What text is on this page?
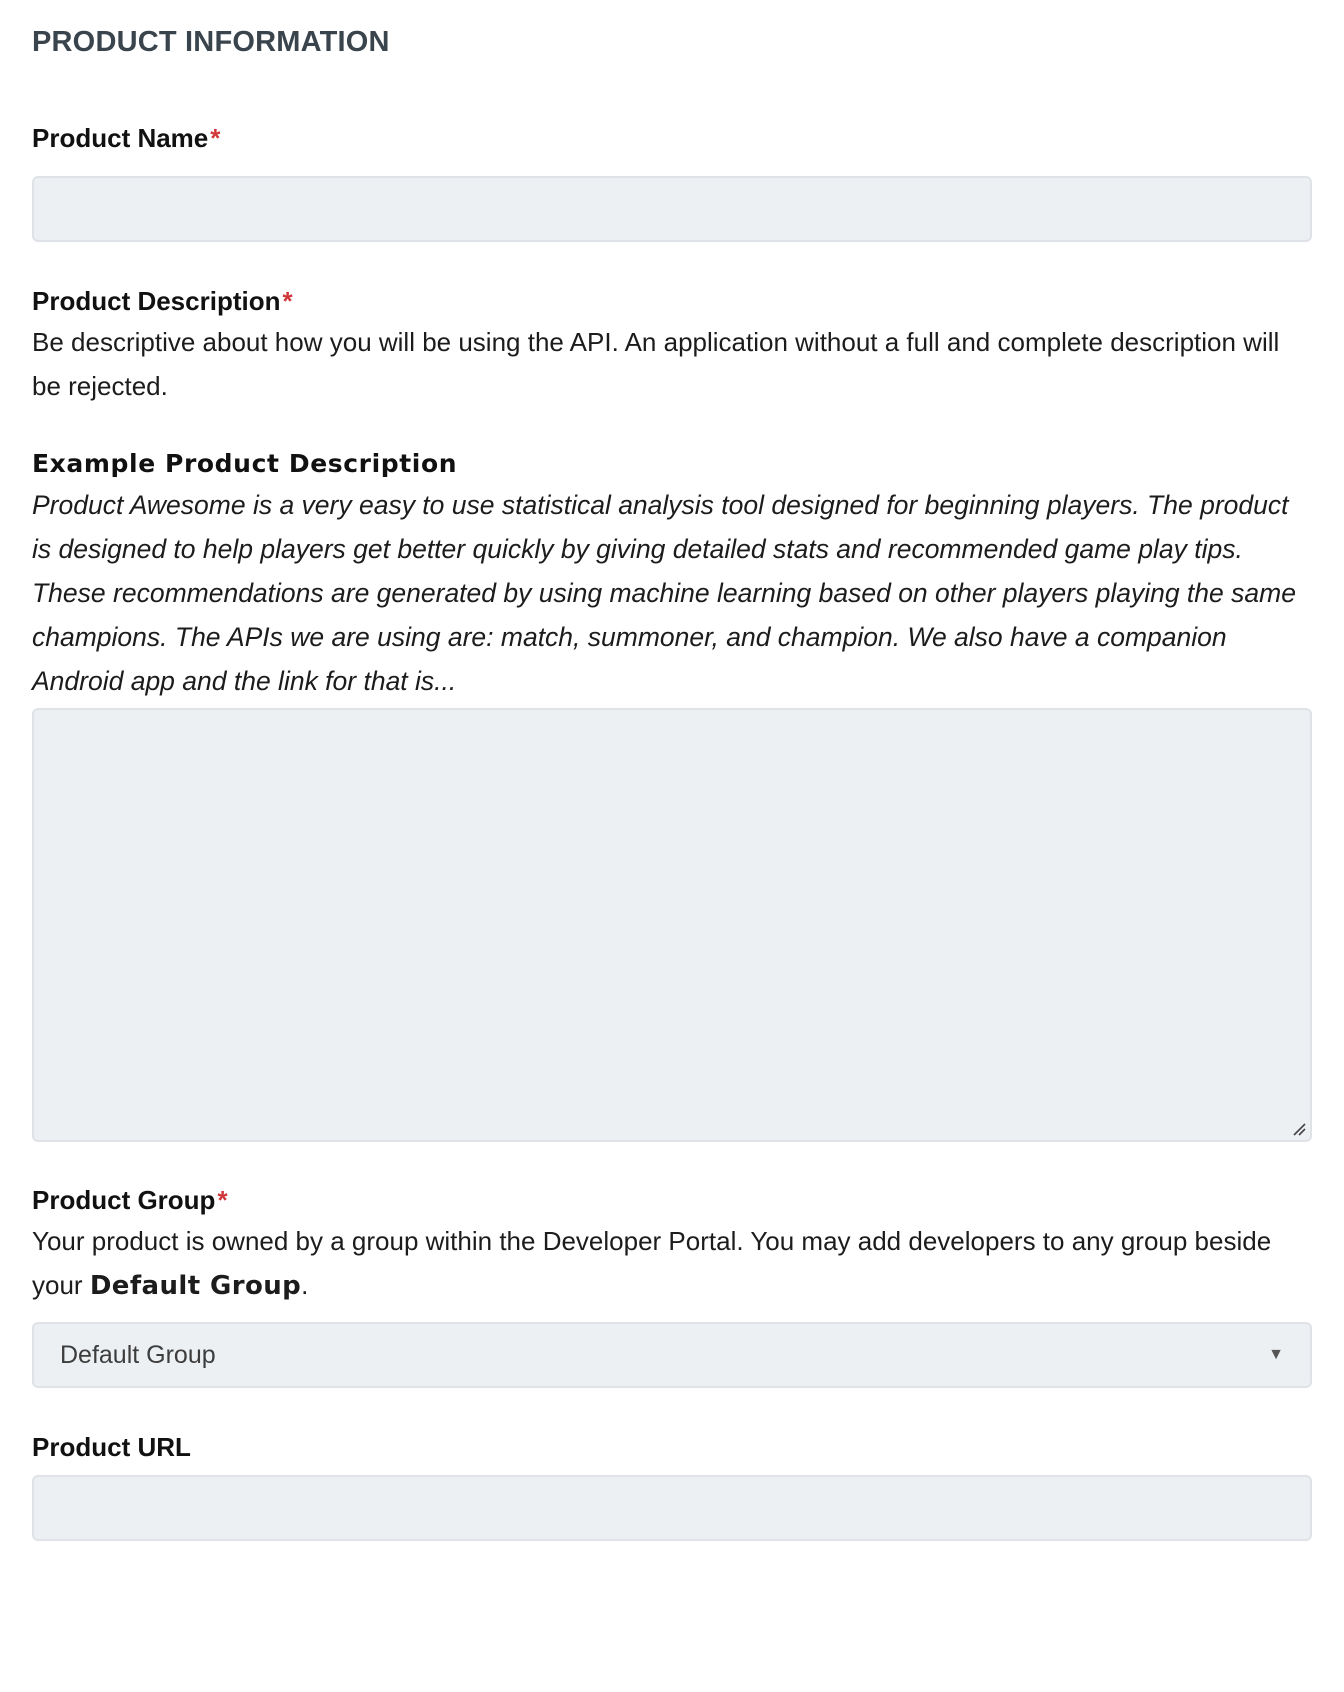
PRODUCT INFORMATION
Product Name*
Product Description*

Be descriptive about how you will be using the API. An application without a full and complete description will be rejected.

Example Product Description

Product Awesome is a very easy to use statistical analysis tool designed for beginning players. The product is designed to help players get better quickly by giving detailed stats and recommended game play tips. These recommendations are generated by using machine learning based on other players playing the same champions. The APIs we are using are: match, summoner, and champion. We also have a companion Android app and the link for that is...

Product Group*

Your product is owned by a group within the Developer Portal. You may add developers to any group beside your Default Group.

Default Group	▼
Product URL
